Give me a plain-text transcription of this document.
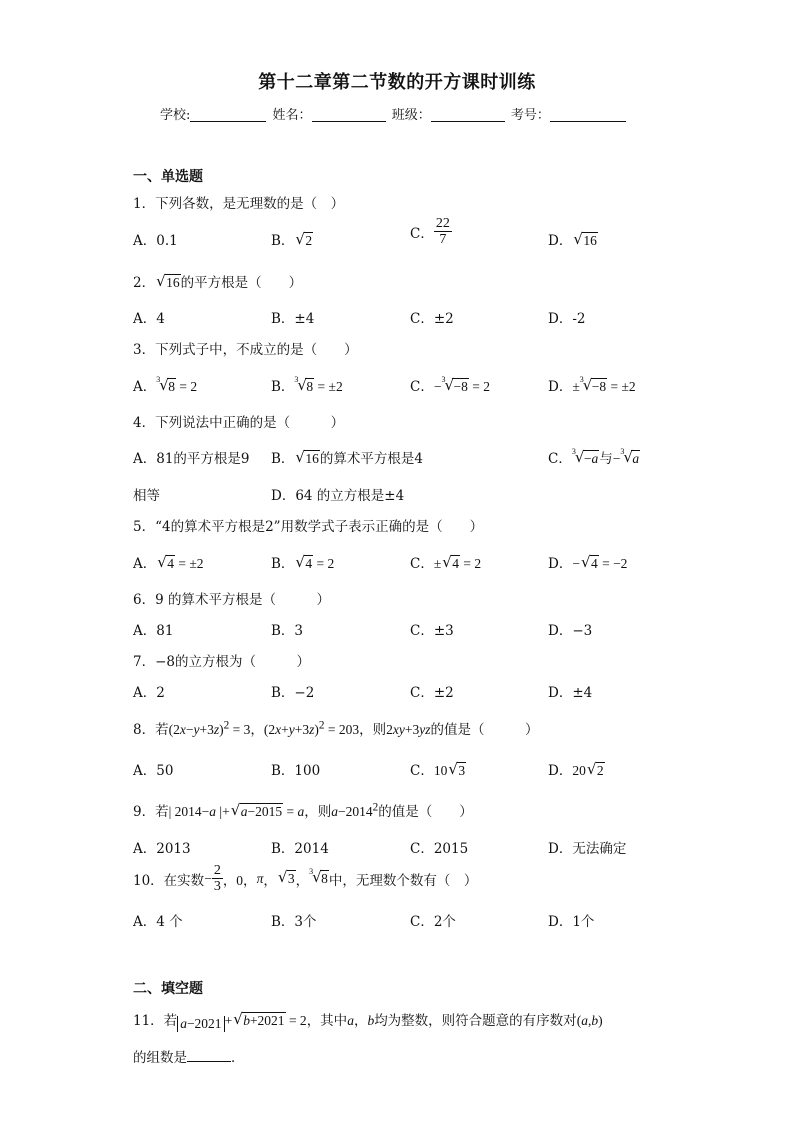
第十二章第二节数的开方课时训练
学校:	姓名：	班级：	考号：
一、单选题
1．下列各数，是无理数的是（　）
A．0.1	B． √ 2	C． $\frac{22}{7}$	D． √ 16
2． √ 16的平方根是（　　）
A．4	B．±4	C．±2	D．-2
3．下列式子中，不成立的是（　　）
A． 3 √ 8 = 2	B． 3 √ 8 = ±2	C．− 3 √ −8 = 2	D．± 3 √ −8 = ±2
4．下列说法中正确的是（　　　）
A．81的平方根是9 B． √ 16的算术平方根是4	C． 3 √ −a与− 3 √ a
相等	D．64 的立方根是±4
5．“4的算术平方根是2”用数学式子表示正确的是（　　）
A． √ 4 = ±2	B． √ 4 = 2	C．± √ 4 = 2	D．− √ 4 = −2
6．9 的算术平方根是（　　　）
A．81	B．3	C．±3	D．−3
7．−8的立方根为（　　　）
A．2	B．−2	C．±2	D．±4
8．若$(2x-y+3z)^2 = 3$，$(2x+y+3z)^2 = 203$，则2xy+3yz的值是（　　　）
A．50	B．100	C．10 √ 3	D．20 √ 2
9．若| 2014−a |+ √ a−2015 = a，则$a-2014^2$的值是（　　）
A．2013	B．2014	C．2015	D．无法确定
10．在实数− $\frac{2}{3}$ ，0，π， √ 3，
3 √ 8中，无理数个数有（　）
A．4 个	B．3个	C．2个	D．1个
二、填空题
11．若 a−2021 + √ b+2021 = 2，其中a，b均为整数，则符合题意的有序数对(a,b)
的组数是	．
